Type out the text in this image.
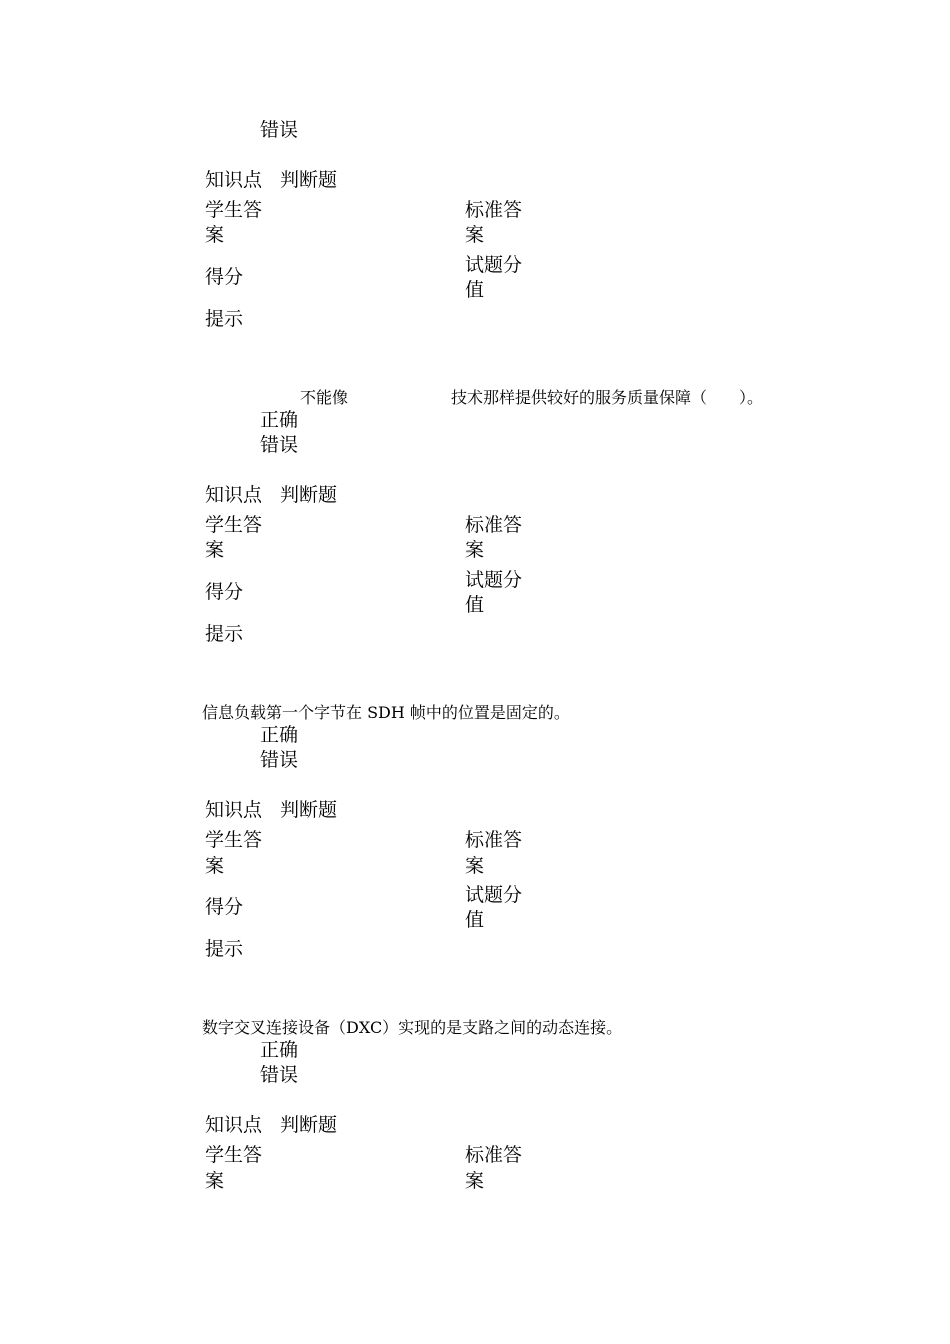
错误
知识点 判断题
学生答
案
标准答
案
得分
试题分
值
提示
不能像	技术那样提供较好的服务质量保障（　　）。
正确
错误
知识点 判断题
学生答
案
标准答
案
得分
试题分
值
提示
信息负载第一个字节在 SDH 帧中的位置是固定的。
正确
错误
知识点 判断题
学生答
案
标准答
案
得分
试题分
值
提示
数字交叉连接设备（DXC）实现的是支路之间的动态连接。
正确
错误
知识点 判断题
学生答
案
标准答
案
